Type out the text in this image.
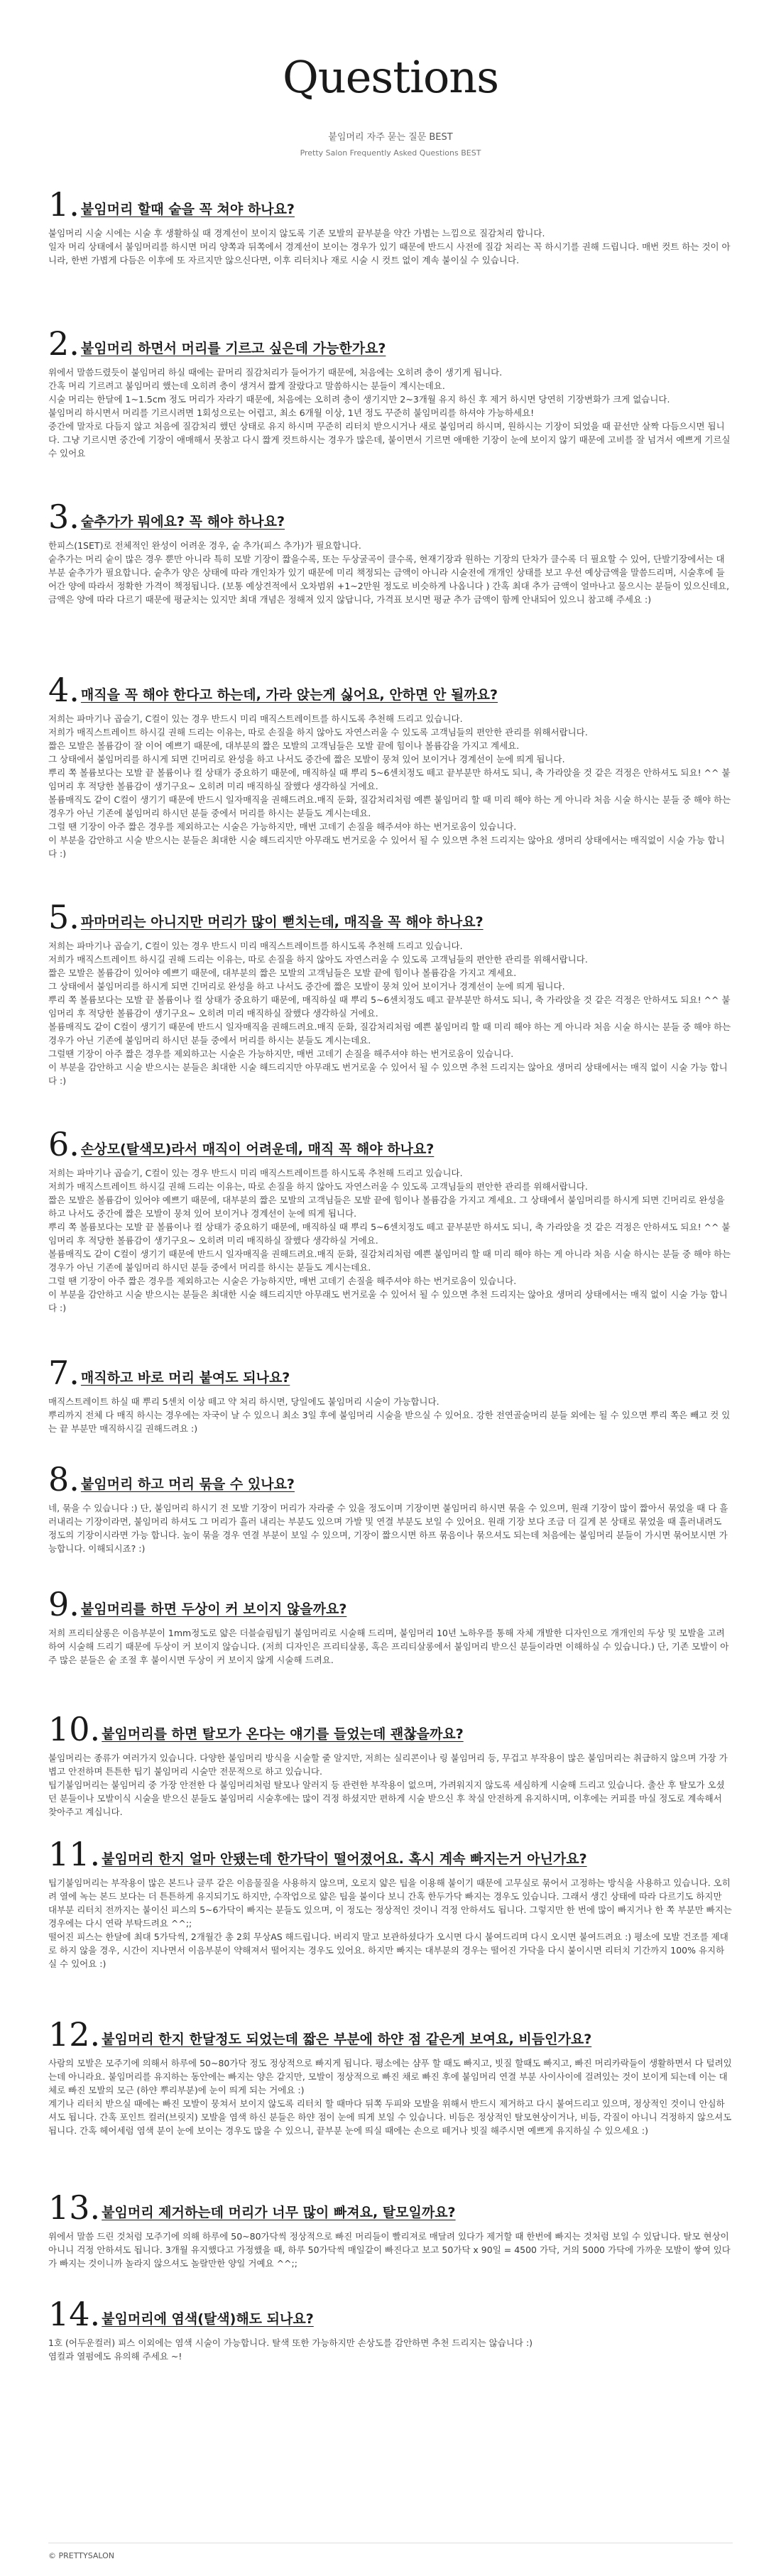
Questions
붙임머리 자주 묻는 질문 BEST
Pretty Salon Frequently Asked Questions BEST
1. 붙임머리 할때 숱을 꼭 쳐야 하나요?

붙임머리 시술 시에는 시술 후 생활하실 때 경계선이 보이지 않도록 기존 모발의 끝부분을 약간 가볍는 느낌으로 질감처리 합니다.
일자 머리 상태에서 붙임머리를 하시면 머리 양쪽과 뒤쪽에서 경계선이 보이는 경우가 있기 때문에 반드시 사전에 질감 처리는 꼭 하시기를 권해 드립니다. 매번 컷트 하는 것이 아니라, 한번 가볍게 다듬은 이후에 또 자르지만 않으신다면, 이후 리터치나 재로 시술 시 컷트 없이 계속 붙이실 수 있습니다.

2. 붙임머리 하면서 머리를 기르고 싶은데 가능한가요?

위에서 말씀드렸듯이 붙임머리 하실 때에는 끝머리 질감처리가 들어가기 때문에, 처음에는 오히려 층이 생기게 됩니다.
간혹 머리 기르려고 붙임머리 했는데 오히려 층이 생겨서 짧게 잘랐다고 말씀하시는 분들이 계시는데요.
시술 머리는 한달에 1~1.5cm 정도 머리가 자라기 때문에, 처음에는 오히려 층이 생기지만 2~3개월 유지 하신 후 제거 하시면 당연히 기장변화가 크게 없습니다.
붙임머리 하시면서 머리를 기르시려면 1회성으로는 어렵고, 최소 6개월 이상, 1년 정도 꾸준히 붙임머리를 하셔야 가능하세요!
중간에 말자로 다듬지 않고 처음에 질감처리 했던 상태로 유지 하시며 꾸준히 리터치 받으시거나 새로 붙임머리 하시며, 원하시는 기장이 되었을 때 끝선만 살짝 다듬으시면 됩니다. 그냥 기르시면 중간에 기장이 애매해서 못참고 다시 짧게 컷트하시는 경우가 많은데, 붙이면서 기르면 애매한 기장이 눈에 보이지 않기 때문에 고비를 잘 넘겨서 예쁘게 기르실 수 있어요

3. 숱추가가 뭐에요? 꼭 해야 하나요?

한피스(1SET)로 전체적인 완성이 어려운 경우, 숱 추가(피스 추가)가 필요합니다.
숱추가는 머리 숱이 많은 경우 뿐만 아니라 특히 모발 기장이 짧을수록, 또는 두상굴곡이 클수록, 현재기장과 원하는 기장의 단차가 클수록 더 필요할 수 있어, 단발기장에서는 대부분 숱추가가 필요합니다. 숱추가 양은 상태에 따라 개인차가 있기 때문에 미리 책정되는 금액이 아니라 시술전에 개개인 상태를 보고 우선 예상금액을 말씀드리며, 시술후에 들어간 양에 따라서 정확한 가격이 책정됩니다. (보통 예상견적에서 오차범위 +1~2만원 정도로 비슷하게 나옵니다 ) 간혹 최대 추가 금액이 얼마나고 물으시는 분들이 있으신데요, 금액은 양에 따라 다르기 때문에 평균치는 있지만 최대 개념은 정해져 있지 않답니다, 가격표 보시면 평균 추가 금액이 함께 안내되어 있으니 참고해 주세요 :)

4. 매직을 꼭 해야 한다고 하는데, 가라 앉는게 싫어요, 안하면 안 될까요?

저희는 파마기나 곱슬기, C컬이 있는 경우 반드시 미리 매직스트레이트를 하시도록 추천해 드리고 있습니다.
저희가 매직스트레이트 하시길 권해 드리는 이유는, 따로 손질을 하지 않아도 자연스러울 수 있도록 고객님들의 편안한 관리를 위해서랍니다.
짧은 모발은 볼륨감이 잘 이어 예쁘기 때문에, 대부분의 짧은 모발의 고객님들은 모발 끝에 힘이나 볼륨감을 가지고 계세요.
그 상태에서 붙임머리를 하시게 되면 긴머리로 완성을 하고 나서도 중간에 짧은 모발이 뭉쳐 있어 보이거나 경계선이 눈에 띄게 됩니다.
뿌리 쪽 볼륨보다는 모발 끝 볼륨이나 컬 상태가 중요하기 때문에, 매직하실 때 뿌리 5~6센치정도 떼고 끝부분만 하셔도 되니, 축 가라앉을 것 같은 걱정은 안하셔도 되요! ^^ 붙임머리 후 적당한 볼륨감이 생기구요~ 오히려 미리 매직하실 잘했다 생각하실 거에요.
볼륨매직도 같이 C컬이 생기기 때문에 반드시 일자매직을 권해드려요.매직 둔화, 질감처리처럼 예쁜 붙임머리 할 때 미리 해야 하는 게 아니라 처음 시술 하시는 분들 중 해야 하는 경우가 아닌 기존에 붙임머리 하시던 분들 중에서 머리를 하시는 분들도 계시는데요.
그럴 땐 기장이 아주 짧은 경우를 제외하고는 시술은 가능하지만, 매번 고데기 손질을 해주셔야 하는 번거로움이 있습니다.
이 부분을 감안하고 시술 받으시는 분들은 최대한 시술 해드리지만 아무래도 번거로울 수 있어서 될 수 있으면 추천 드리지는 않아요 생머리 상태에서는 매직없이 시술 가능 합니다 :)

5. 파마머리는 아니지만 머리가 많이 뻗치는데, 매직을 꼭 해야 하나요?

저희는 파마기나 곱슬기, C컬이 있는 경우 반드시 미리 매직스트레이트를 하시도록 추천해 드리고 있습니다.
저희가 매직스트레이트 하시길 권해 드리는 이유는, 따로 손질을 하지 않아도 자연스러울 수 있도록 고객님들의 편안한 관리를 위해서랍니다.
짧은 모발은 볼륨감이 있어야 예쁘기 때문에, 대부분의 짧은 모발의 고객님들은 모발 끝에 힘이나 볼륨감을 가지고 계세요.
그 상태에서 붙임머리를 하시게 되면 긴머리로 완성을 하고 나서도 중간에 짧은 모발이 뭉쳐 있어 보이거나 경계선이 눈에 띄게 됩니다.
뿌리 쪽 볼륨보다는 모발 끝 볼륨이나 컬 상태가 중요하기 때문에, 매직하실 때 뿌리 5~6센치정도 떼고 끝부분만 하셔도 되니, 축 가라앉을 것 같은 걱정은 안하셔도 되요! ^^ 붙임머리 후 적당한 볼륨감이 생기구요~ 오히려 미리 매직하실 잘했다 생각하실 거에요.
볼륨매직도 같이 C컬이 생기기 때문에 반드시 일자매직을 권해드려요.매직 둔화, 질감처리처럼 예쁜 붙임머리 할 때 미리 해야 하는 게 아니라 처음 시술 하시는 분들 중 해야 하는 경우가 아닌 기존에 붙임머리 하시던 분들 중에서 머리를 하시는 분들도 계시는데요.
그럴땐 기장이 아주 짧은 경우를 제외하고는 시술은 가능하지만, 매번 고데기 손질을 해주셔야 하는 번거로움이 있습니다.
이 부분을 감안하고 시술 받으시는 분들은 최대한 시술 해드리지만 아무래도 번거로울 수 있어서 될 수 있으면 추천 드리지는 않아요 생머리 상태에서는 매직 없이 시술 가능 합니다 :)

6. 손상모(탈색모)라서 매직이 어려운데, 매직 꼭 해야 하나요?

저희는 파마기나 곱슬기, C컬이 있는 경우 반드시 미리 매직스트레이트를 하시도록 추천해 드리고 있습니다.
저희가 매직스트레이트 하시길 권해 드리는 이유는, 따로 손질을 하지 않아도 자연스러울 수 있도록 고객님들의 편안한 관리를 위해서랍니다.
짧은 모발은 볼륨감이 있어야 예쁘기 때문에, 대부분의 짧은 모발의 고객님들은 모발 끝에 힘이나 볼륨감을 가지고 계세요. 그 상태에서 붙임머리를 하시게 되면 긴머리로 완성을 하고 나서도 중간에 짧은 모발이 뭉쳐 있어 보이거나 경계선이 눈에 띄게 됩니다.
뿌리 쪽 볼륨보다는 모발 끝 볼륨이나 컬 상태가 중요하기 때문에, 매직하실 때 뿌리 5~6센치정도 떼고 끝부분만 하셔도 되니, 축 가라앉을 것 같은 걱정은 안하셔도 되요! ^^ 붙임머리 후 적당한 볼륨감이 생기구요~ 오히려 미리 매직하실 잘했다 생각하실 거에요.
볼륨매직도 같이 C컬이 생기기 때문에 반드시 일자매직을 권해드려요.매직 둔화, 질감처리처럼 예쁜 붙임머리 할 때 미리 해야 하는 게 아니라 처음 시술 하시는 분들 중 해야 하는 경우가 아닌 기존에 붙임머리 하시던 분들 중에서 머리를 하시는 분들도 계시는데요.
그럴 땐 기장이 아주 짧은 경우를 제외하고는 시술은 가능하지만, 매번 고데기 손질을 해주셔야 하는 번거로움이 있습니다.
이 부분을 감안하고 시술 받으시는 분들은 최대한 시술 해드리지만 아무래도 번거로울 수 있어서 될 수 있으면 추천 드리지는 않아요 생머리 상태에서는 매직 없이 시술 가능 합니다 :)

7. 매직하고 바로 머리 붙여도 되나요?

매직스트레이트 하실 때 뿌리 5센치 이상 떼고 약 처리 하시면, 당일에도 붙임머리 시술이 가능합니다.
뿌리까지 전체 다 매직 하시는 경우에는 자국이 날 수 있으니 최소 3일 후에 붙임머리 시술을 받으실 수 있어요. 강한 전연골술머리 분들 외에는 될 수 있으면 뿌리 쪽은 빼고 컷 있는 끝 부분만 매직하시길 권해드려요 :)

8. 붙임머리 하고 머리 묶을 수 있나요?

네, 묶을 수 있습니다 :) 단, 붙임머리 하시기 전 모발 기장이 머리가 자라줄 수 있을 정도이며 기장이면 붙임머리 하시면 묶을 수 있으며, 원래 기장이 많이 짧아서 묶었을 때 다 흘러내리는 기장이라면, 붙임머리 하셔도 그 머리가 흘러 내리는 부분도 있으며 가발 및 연결 부분도 보일 수 있어요. 원래 기장 보다 조금 더 길게 본 상태로 묶었을 때 흘러내려도 정도의 기장이시라면 가능 합니다. 높이 묶을 경우 연결 부분이 보일 수 있으며, 기장이 짧으시면 하프 묶음이나 묶으셔도 되는데 처음에는 붙임머리 분들이 가시면 묶어보시면 가능합니다. 이해되시죠? :)

9. 붙임머리를 하면 두상이 커 보이지 않을까요?

저희 프리티살롱은 이음부분이 1mm정도로 얇은 더블슬림팁기 붙임머리로 시술해 드리며, 붙임머리 10년 노하우를 통해 자체 개발한 디자인으로 개개인의 두상 및 모발을 고려하여 시술해 드리기 때문에 두상이 커 보이지 않습니다. (저희 디자인은 프리티살롱, 혹은 프리티살롱에서 붙임머리 받으신 분들이라면 이해하실 수 있습니다.) 단, 기존 모발이 아주 많은 분들은 숱 조절 후 붙이시면 두상이 커 보이지 않게 시술해 드려요.

10. 붙임머리를 하면 탈모가 온다는 얘기를 들었는데 괜찮을까요?

붙임머리는 종류가 여러가지 있습니다. 다양한 붙임머리 방식을 시술할 줄 알지만, 저희는 실리콘이나 링 붙임머리 등, 무겁고 부작용이 많은 붙임머리는 취급하지 않으며 가장 가볍고 안전하며 튼튼한 팁기 붙임머리 시술만 전문적으로 하고 있습니다.
팁기붙임머리는 붙임머리 중 가장 안전한 다 붙임머리처럼 탈모나 알러지 등 관련한 부작용이 없으며, 가려워지지 않도록 세심하게 시술해 드리고 있습니다. 출산 후 탈모가 오셨던 분들이나 모발이식 시술을 받으신 분들도 붙임머리 시술후에는 많이 걱정 하셨지만 편하게 시술 받으신 후 착실 안전하게 유지하시며, 이후에는 커피를 마실 정도로 계속해서 찾아주고 계십니다.

11. 붙임머리 한지 얼마 안됐는데 한가닥이 떨어졌어요. 혹시 계속 빠지는거 아닌가요?

팁기붙임머리는 부작용이 많은 본드나 글루 같은 이음물질을 사용하지 않으며, 오로지 얇은 팁을 이용해 붙이기 때문에 고무실로 묶어서 고정하는 방식을 사용하고 있습니다. 오히려 열에 녹는 본드 보다는 더 튼튼하게 유지되기도 하지만, 수작업으로 얇은 팁을 붙이다 보니 간혹 한두가닥 빠지는 경우도 있습니다. 그래서 생긴 상태에 따라 다르기도 하지만 대부분 리터치 전까지는 붙이신 피스의 5~6가닥이 빠지는 분들도 있으며, 이 정도는 정상적인 것이니 걱정 안하셔도 됩니다. 그렇지만 한 번에 많이 빠지거나 한 쪽 부분만 빠지는 경우에는 다시 연락 부탁드려요 ^^;;
떨어진 피스는 한달에 최대 5가닥씩, 2개월간 총 2회 무상AS 해드립니다. 버리지 말고 보관하셨다가 오시면 다시 붙여드리며 다시 오시면 붙여드려요 :) 평소에 모발 건조를 제대로 하지 않을 경우, 시간이 지나면서 이음부분이 약해져서 떨어지는 경우도 있어요. 하지만 빠지는 대부분의 경우는 떨어진 가닥을 다시 붙이시면 리터치 기간까지 100% 유지하실 수 있어요 :)

12. 붙임머리 한지 한달정도 되었는데 짧은 부분에 하얀 점 같은게 보여요, 비듬인가요?

사람의 모발은 모주기에 의해서 하루에 50~80가닥 정도 정상적으로 빠지게 됩니다. 평소에는 샴푸 할 때도 빠지고, 빗질 할때도 빠지고, 빠진 머리카락들이 생활하면서 다 털려있는데 아니라요. 붙임머리를 유지하는 동안에는 빠지는 양은 같지만, 모발이 정상적으로 빠진 채로 빠진 후에 붙임머리 연결 부분 사이사이에 걸려있는 것이 보이게 되는데 이는 대체로 빠진 모발의 모근 (하얀 뿌리부분)에 눈이 띄게 되는 거에요 :)
계기나 리터치 받으실 때에는 빠진 모발이 뭉쳐서 보이지 않도록 리터치 할 때마다 뒤쪽 두피와 모발을 위해서 반드시 제거하고 다시 붙여드리고 있으며, 정상적인 것이니 안심하셔도 됩니다. 간혹 포인트 컬러(브릿지) 모발을 염색 하신 분들은 하얀 점이 눈에 띄게 보일 수 있습니다. 비듬은 정상적인 탈모현상이거나, 비듬, 각질이 아니니 걱정하지 않으셔도 됩니다. 간혹 헤어세럼 염색 분이 눈에 보이는 경우도 많을 수 있으니, 끝부분 눈에 띄실 때에는 손으로 떼거나 빗질 해주시면 예쁘게 유지하실 수 있으세요 :)

13. 붙임머리 제거하는데 머리가 너무 많이 빠져요, 탈모일까요?

위에서 말씀 드린 것처럼 모주기에 의해 하루에 50~80가닥씩 정상적으로 빠진 머리들이 빨리져로 매달려 있다가 제거할 때 한번에 빠지는 것처럼 보일 수 있답니다. 탈모 현상이 아니니 걱정 안하셔도 됩니다. 3개월 유지했다고 가정했을 때, 하루 50가닥씩 매일같이 빠진다고 보고 50가닥 x 90일 = 4500 가닥, 거의 5000 가닥에 가까운 모발이 쌓여 있다가 빠지는 것이니까 놀라지 않으셔도 놀랄만한 양일 거예요 ^^;;

14. 붙임머리에 염색(탈색)해도 되나요?

1호 (어두운컬러) 피스 이외에는 염색 시술이 가능합니다. 탈색 또한 가능하지만 손상도를 감안하면 추천 드리지는 않습니다 :)
염컬과 열펌에도 유의해 주세요 ~!

© PRETTYSALON
